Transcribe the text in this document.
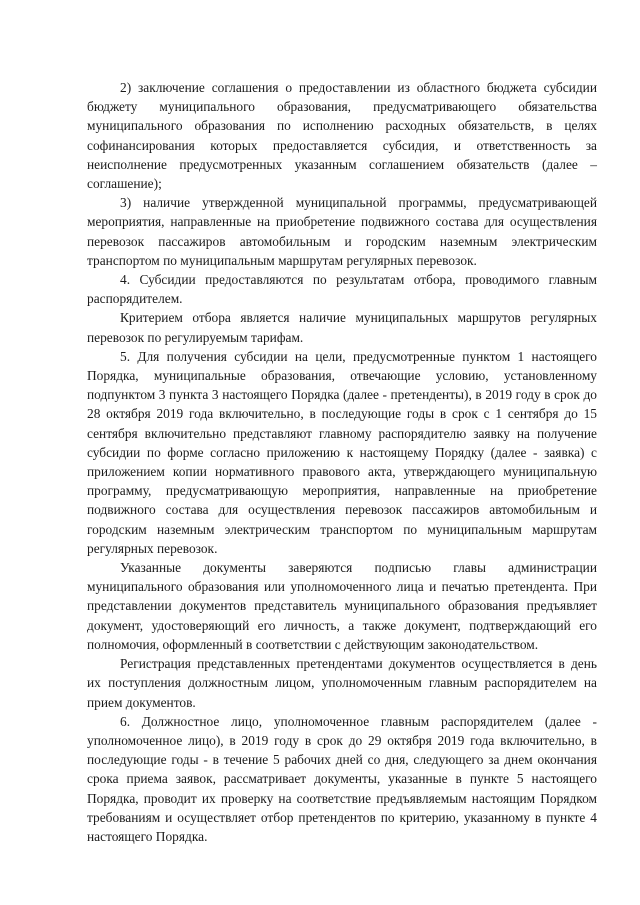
2) заключение соглашения о предоставлении из областного бюджета субсидии бюджету муниципального образования, предусматривающего обязательства муниципального образования по исполнению расходных обязательств, в целях софинансирования которых предоставляется субсидия, и ответственность за неисполнение предусмотренных указанным соглашением обязательств (далее – соглашение);

3) наличие утвержденной муниципальной программы, предусматривающей мероприятия, направленные на приобретение подвижного состава для осуществления перевозок пассажиров автомобильным и городским наземным электрическим транспортом по муниципальным маршрутам регулярных перевозок.

4. Субсидии предоставляются по результатам отбора, проводимого главным распорядителем.

Критерием отбора является наличие муниципальных маршрутов регулярных перевозок по регулируемым тарифам.

5. Для получения субсидии на цели, предусмотренные пунктом 1 настоящего Порядка, муниципальные образования, отвечающие условию, установленному подпунктом 3 пункта 3 настоящего Порядка (далее - претенденты), в 2019 году в срок до 28 октября 2019 года включительно, в последующие годы в срок с 1 сентября до 15 сентября включительно представляют главному распорядителю заявку на получение субсидии по форме согласно приложению к настоящему Порядку (далее - заявка) с приложением копии нормативного правового акта, утверждающего муниципальную программу, предусматривающую мероприятия, направленные на приобретение подвижного состава для осуществления перевозок пассажиров автомобильным и городским наземным электрическим транспортом по муниципальным маршрутам регулярных перевозок.

Указанные документы заверяются подписью главы администрации муниципального образования или уполномоченного лица и печатью претендента. При представлении документов представитель муниципального образования предъявляет документ, удостоверяющий его личность, а также документ, подтверждающий его полномочия, оформленный в соответствии с действующим законодательством.

Регистрация представленных претендентами документов осуществляется в день их поступления должностным лицом, уполномоченным главным распорядителем на прием документов.

6. Должностное лицо, уполномоченное главным распорядителем (далее - уполномоченное лицо), в 2019 году в срок до 29 октября 2019 года включительно, в последующие годы - в течение 5 рабочих дней со дня, следующего за днем окончания срока приема заявок, рассматривает документы, указанные в пункте 5 настоящего Порядка, проводит их проверку на соответствие предъявляемым настоящим Порядком требованиям и осуществляет отбор претендентов по критерию, указанному в пункте 4 настоящего Порядка.
